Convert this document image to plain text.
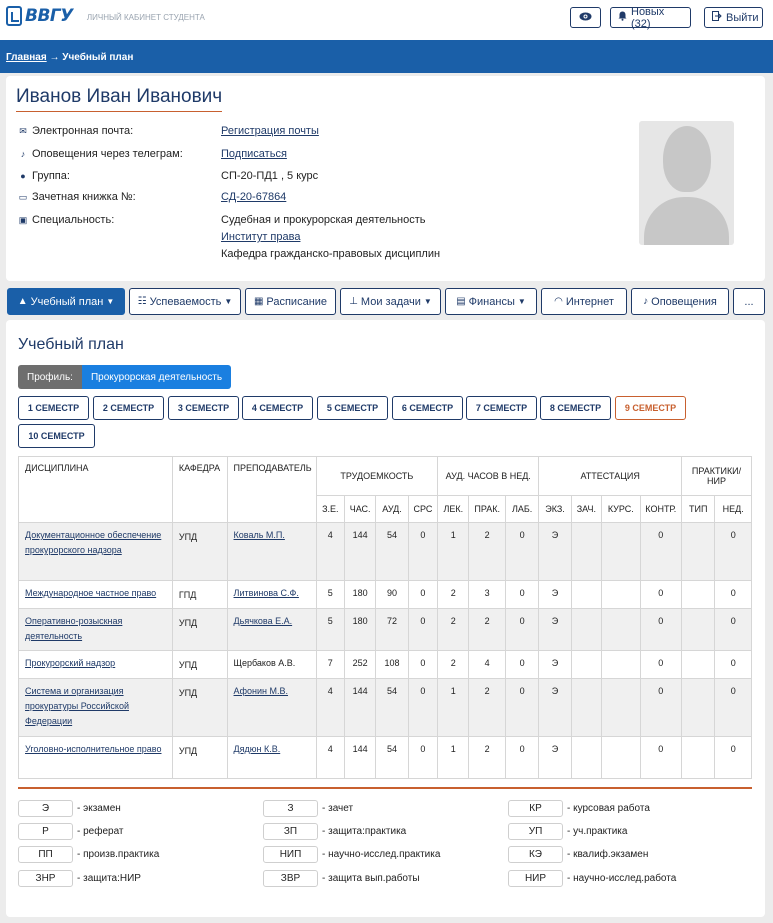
ВВГУ ЛИЧНЫЙ КАБИНЕТ СТУДЕНТА	Новых (32)	Выйти
Главная → Учебный план
Иванов Иван Иванович
✉ Электронная почта:	Регистрация почты
♪ Оповещения через телеграм:	Подписаться
● Группа:	СП-20-ПД1 , 5 курс
▭ Зачетная книжка №:	СД-20-67864
▣ Специальность:	Судебная и прокурорская деятельность
Институт права
Кафедра гражданско-правовых дисциплин
▲ Учебный план ▼ ☷ Успеваемость ▼ ▦ Расписание ⊥ Мои задачи ▼ ▤ Финансы ▼	◠ Интернет	♪ Оповещения	...
Учебный план
Профиль:	Прокурорская деятельность
1 СЕМЕСТР	2 СЕМЕСТР	3 СЕМЕСТР	4 СЕМЕСТР	5 СЕМЕСТР	6 СЕМЕСТР	7 СЕМЕСТР	8 СЕМЕСТР	9 СЕМЕСТР
10 СЕМЕСТР
ДИСЦИПЛИНА	КАФЕДРА	ПРЕПОДАВАТЕЛЬ	ТРУДОЕМКОСТЬ				АУД. ЧАСОВ В НЕД.			АТТЕСТАЦИЯ				ПРАКТИКИ/ НИР	
			З.Е.	ЧАС.	АУД.	СРС	ЛЕК.	ПРАК.	ЛАБ.	ЭКЗ.	ЗАЧ.	КУРС.	КОНТР.	ТИП	НЕД.
Документационное обеспечение прокурорского надзора	УПД	Коваль М.П.	4	144	54	0	1	2	0	Э			0		0
Международное частное право	ГПД	Литвинова С.Ф.	5	180	90	0	2	3	0	Э			0		0
Оперативно-розыскная деятельность	УПД	Дьячкова Е.А.	5	180	72	0	2	2	0	Э			0		0
Прокурорский надзор	УПД	Щербаков А.В.	7	252	108	0	2	4	0	Э			0		0
Система и организация прокуратуры Российской Федерации	УПД	Афонин М.В.	4	144	54	0	1	2	0	Э			0		0
Уголовно-исполнительное право	УПД	Дядюн К.В.	4	144	54	0	1	2	0	Э			0		0
Э	- экзамен	З	- зачет	КР	- курсовая работа
Р	- реферат	ЗП	- защита:практика	УП	- уч.практика
ПП	- произв.практика	НИП	- научно-исслед.практика	КЭ	- квалиф.экзамен
ЗНР	- защита:НИР	ЗВР	- защита вып.работы	НИР	- научно-исслед.работа
